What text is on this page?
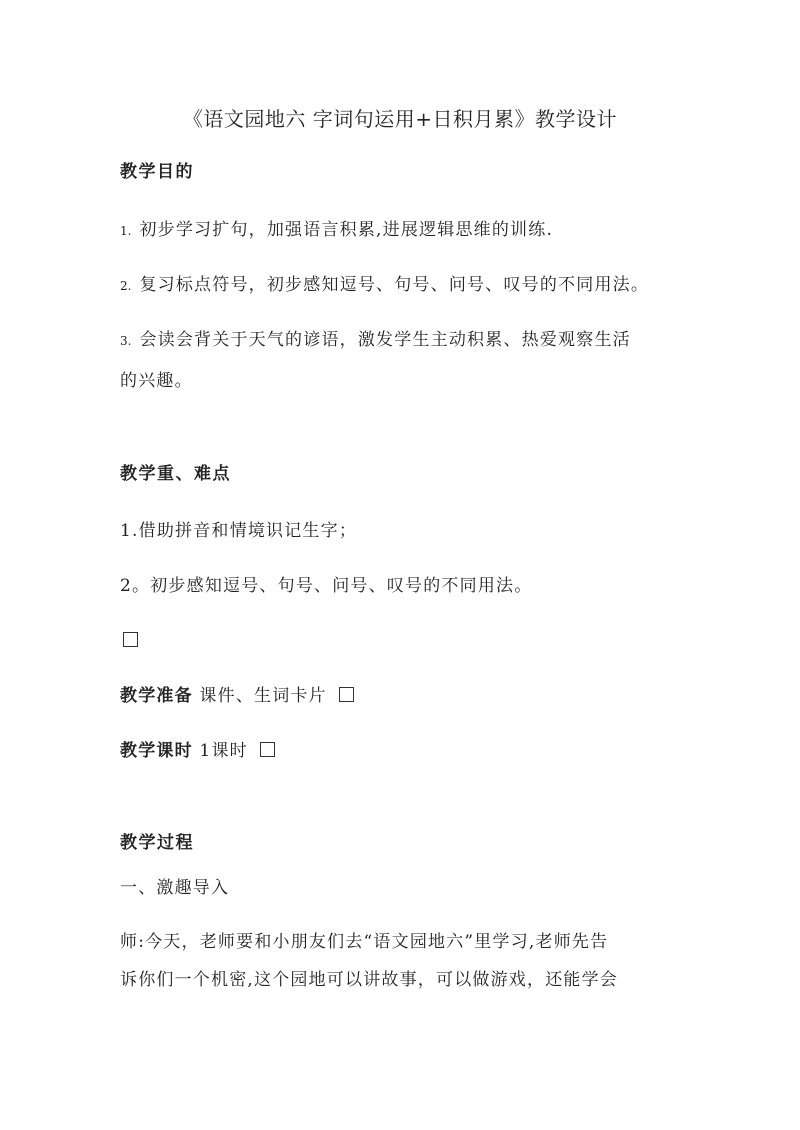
《语文园地六 字词句运用+日积月累》教学设计
教学目的
1. 初步学习扩句，加强语言积累,进展逻辑思维的训练.
2. 复习标点符号，初步感知逗号、句号、问号、叹号的不同用法。
3. 会读会背关于天气的谚语，激发学生主动积累、热爱观察生活
的兴趣。
教学重、难点
1.借助拼音和情境识记生字；
2。初步感知逗号、句号、问号、叹号的不同用法。
教学准备 课件、生词卡片
教学课时 1课时
教学过程
一、激趣导入
师:今天，老师要和小朋友们去“语文园地六”里学习,老师先告
诉你们一个机密,这个园地可以讲故事，可以做游戏，还能学会
